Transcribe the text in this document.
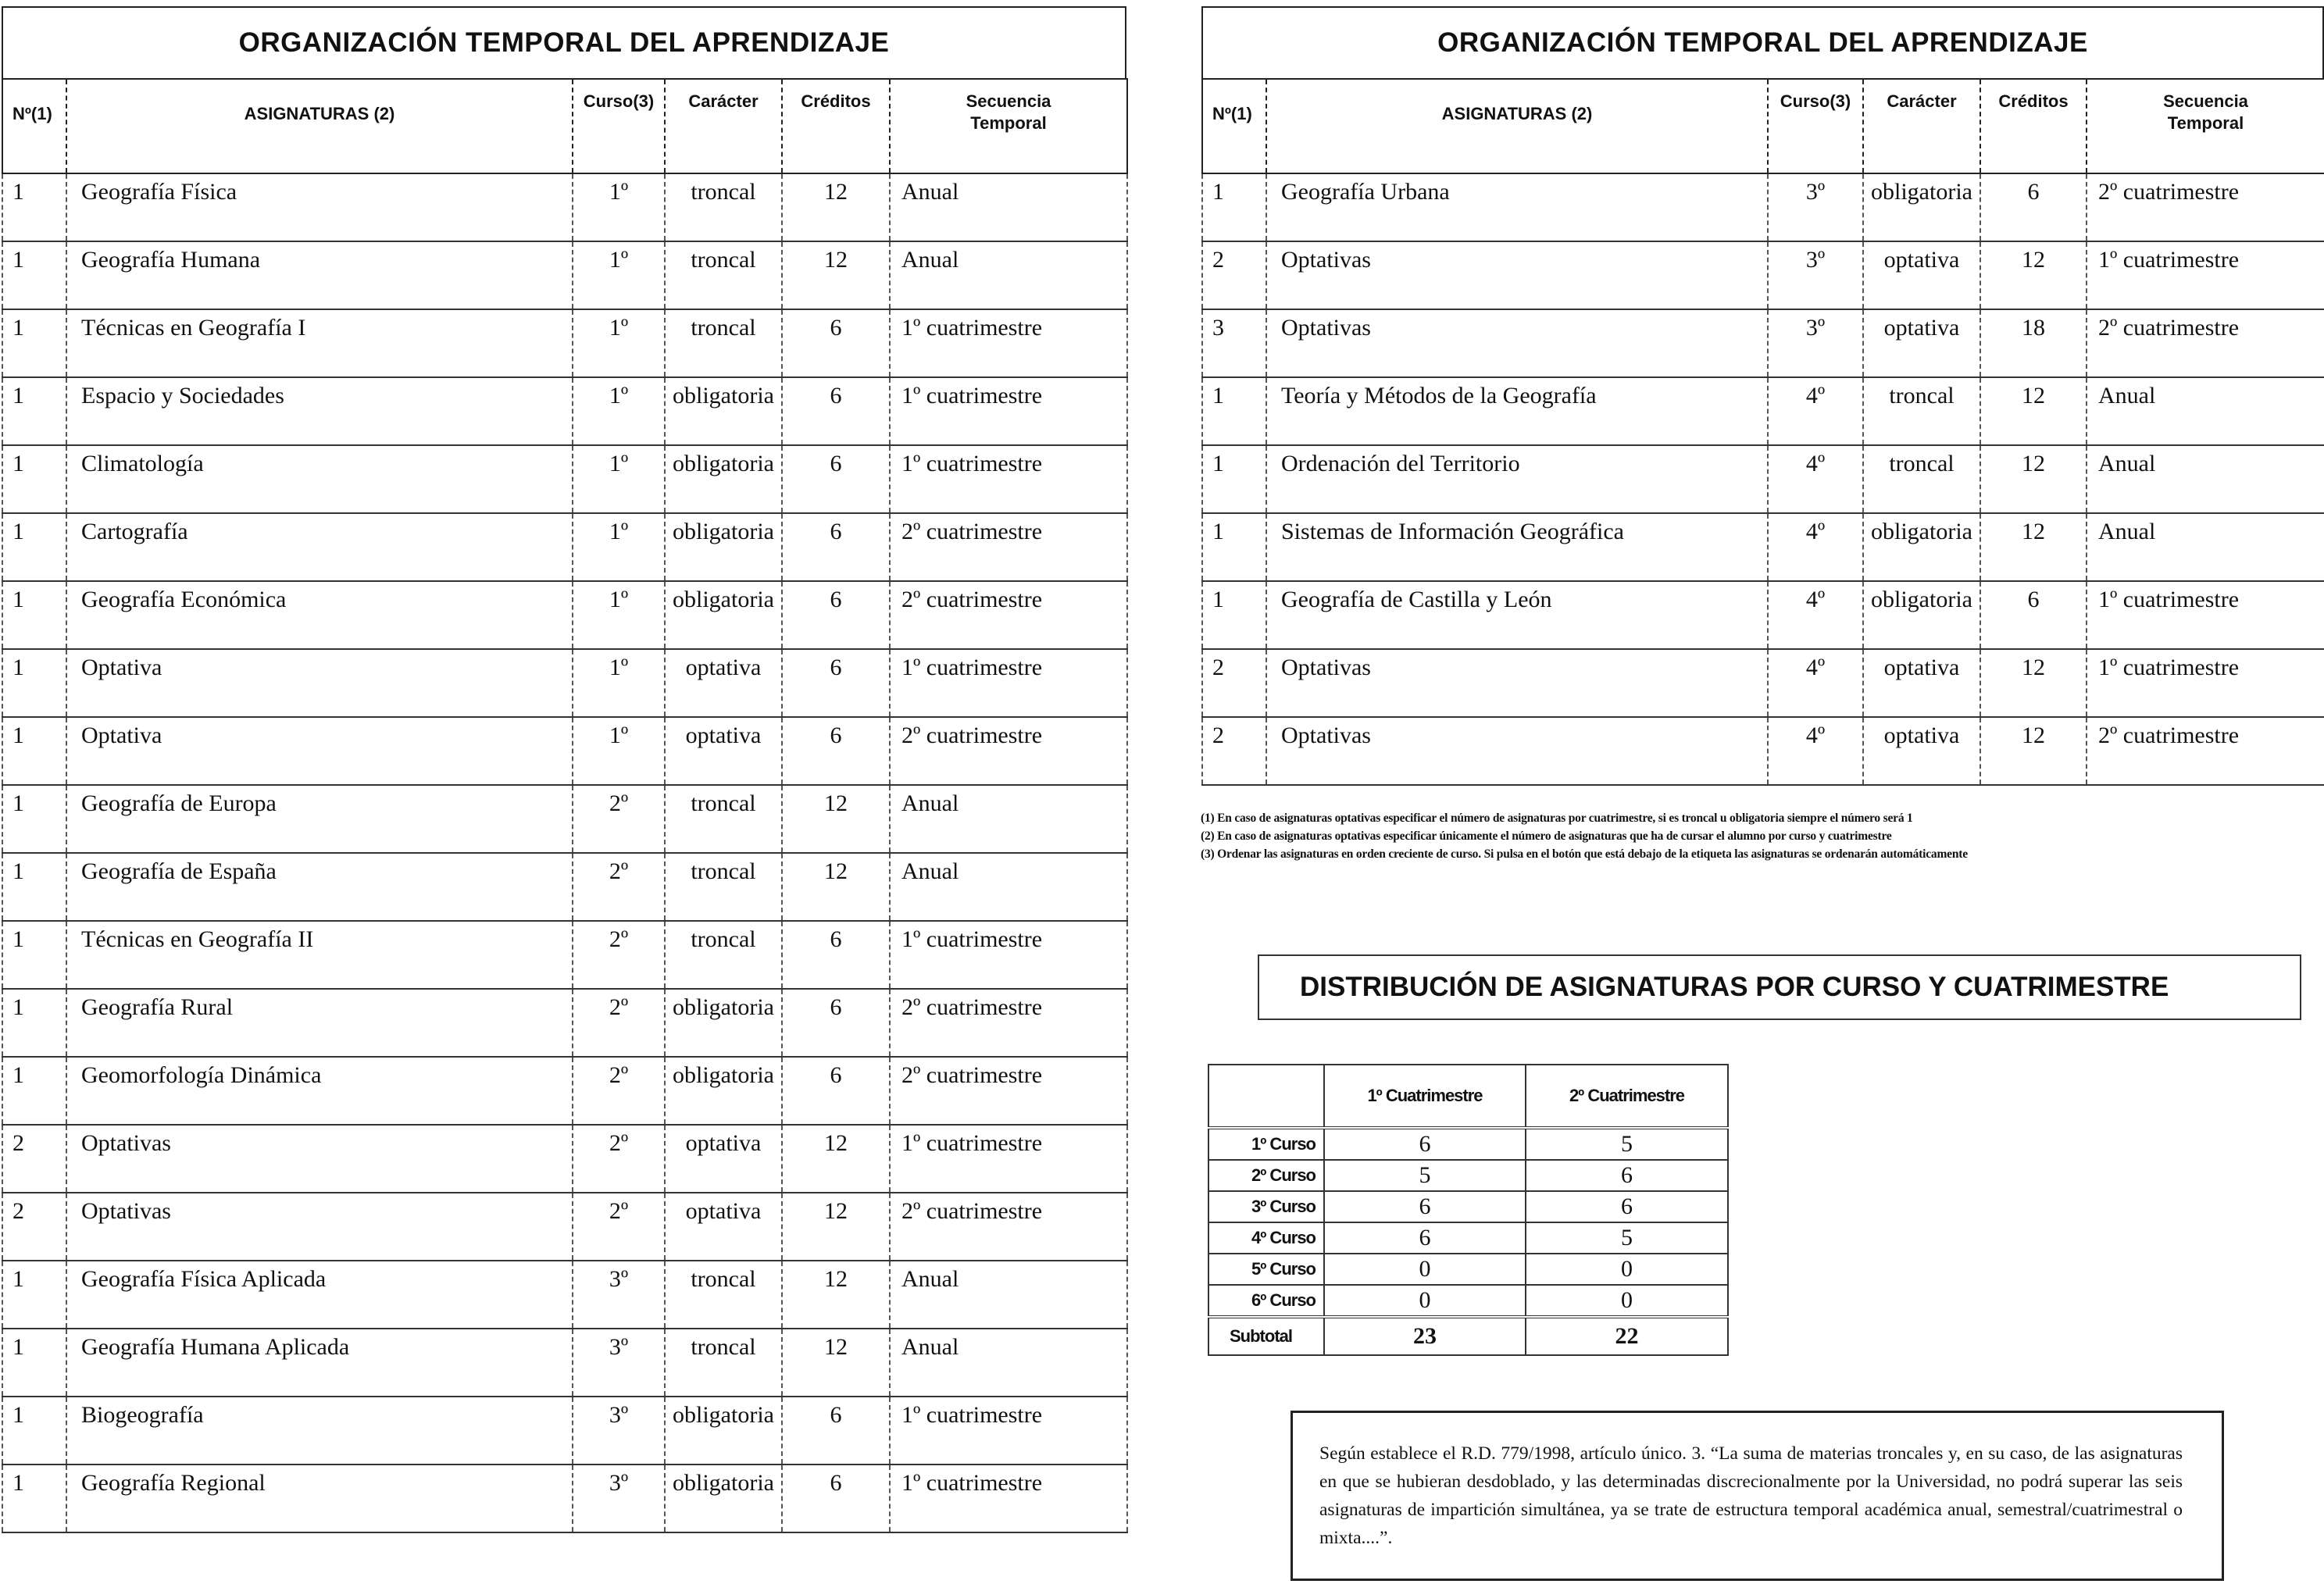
ORGANIZACIÓN TEMPORAL DEL APRENDIZAJE
Nº(1)	ASIGNATURAS (2)	Curso(3)	Carácter	Créditos	Secuencia
Temporal
1	Geografía Física	1º	troncal	12	Anual
1	Geografía Humana	1º	troncal	12	Anual
1	Técnicas en Geografía I	1º	troncal	6	1º cuatrimestre
1	Espacio y Sociedades	1º	obligatoria	6	1º cuatrimestre
1	Climatología	1º	obligatoria	6	1º cuatrimestre
1	Cartografía	1º	obligatoria	6	2º cuatrimestre
1	Geografía Económica	1º	obligatoria	6	2º cuatrimestre
1	Optativa	1º	optativa	6	1º cuatrimestre
1	Optativa	1º	optativa	6	2º cuatrimestre
1	Geografía de Europa	2º	troncal	12	Anual
1	Geografía de España	2º	troncal	12	Anual
1	Técnicas en Geografía II	2º	troncal	6	1º cuatrimestre
1	Geografía Rural	2º	obligatoria	6	2º cuatrimestre
1	Geomorfología Dinámica	2º	obligatoria	6	2º cuatrimestre
2	Optativas	2º	optativa	12	1º cuatrimestre
2	Optativas	2º	optativa	12	2º cuatrimestre
1	Geografía Física Aplicada	3º	troncal	12	Anual
1	Geografía Humana Aplicada	3º	troncal	12	Anual
1	Biogeografía	3º	obligatoria	6	1º cuatrimestre
1	Geografía Regional	3º	obligatoria	6	1º cuatrimestre
ORGANIZACIÓN TEMPORAL DEL APRENDIZAJE
Nº(1)	ASIGNATURAS (2)	Curso(3)	Carácter	Créditos	Secuencia
Temporal
1	Geografía Urbana	3º	obligatoria	6	2º cuatrimestre
2	Optativas	3º	optativa	12	1º cuatrimestre
3	Optativas	3º	optativa	18	2º cuatrimestre
1	Teoría y Métodos de la Geografía	4º	troncal	12	Anual
1	Ordenación del Territorio	4º	troncal	12	Anual
1	Sistemas de Información Geográfica	4º	obligatoria	12	Anual
1	Geografía de Castilla y León	4º	obligatoria	6	1º cuatrimestre
2	Optativas	4º	optativa	12	1º cuatrimestre
2	Optativas	4º	optativa	12	2º cuatrimestre
(1) En caso de asignaturas optativas especificar el número de asignaturas por cuatrimestre, si es troncal u obligatoria siempre el número será 1
(2) En caso de asignaturas optativas especificar únicamente el número de asignaturas que ha de cursar el alumno por curso y cuatrimestre
(3) Ordenar las asignaturas en orden creciente de curso. Si pulsa en el botón que está debajo de la etiqueta las asignaturas se ordenarán automáticamente
DISTRIBUCIÓN DE ASIGNATURAS POR CURSO Y CUATRIMESTRE
	1º Cuatrimestre	2º Cuatrimestre
1º Curso	6	5
2º Curso	5	6
3º Curso	6	6
4º Curso	6	5
5º Curso	0	0
6º Curso	0	0
Subtotal	23	22
Según establece el R.D. 779/1998, artículo único. 3. “La suma de materias troncales y, en su caso, de las asignaturas en que se hubieran desdoblado, y las determinadas discrecionalmente por la Universidad, no podrá superar las seis asignaturas de impartición simultánea, ya se trate de estructura temporal académica anual, semestral/cuatrimestral o mixta....”.
